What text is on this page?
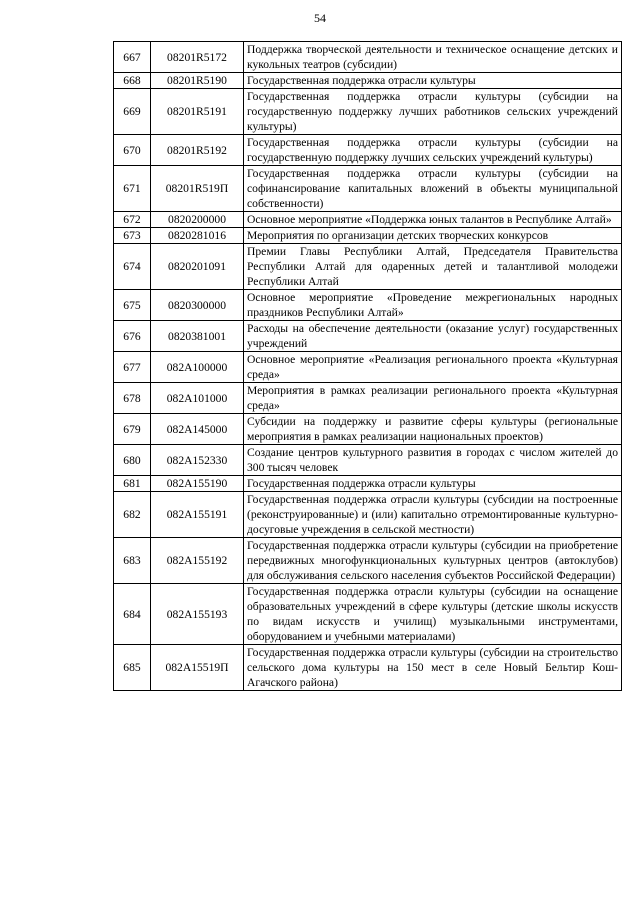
54
667	08201R5172	Поддержка творческой деятельности и техническое оснащение детских и кукольных театров (субсидии)
668	08201R5190	Государственная поддержка отрасли культуры
669	08201R5191	Государственная поддержка отрасли культуры (субсидии на государственную поддержку лучших работников сельских учреждений культуры)
670	08201R5192	Государственная поддержка отрасли культуры (субсидии на государственную поддержку лучших сельских учреждений культуры)
671	08201R519П	Государственная поддержка отрасли культуры (субсидии на софинансирование капитальных вложений в объекты муниципальной собственности)
672	0820200000	Основное мероприятие «Поддержка юных талантов в Республике Алтай»
673	0820281016	Мероприятия по организации детских творческих конкурсов
674	0820201091	Премии Главы Республики Алтай, Председателя Правительства Республики Алтай для одаренных детей и талантливой молодежи Республики Алтай
675	0820300000	Основное мероприятие «Проведение межрегиональных народных праздников Республики Алтай»
676	0820381001	Расходы на обеспечение деятельности (оказание услуг) государственных учреждений
677	082A100000	Основное мероприятие «Реализация регионального проекта «Культурная среда»
678	082A101000	Мероприятия в рамках реализации регионального проекта «Культурная среда»
679	082A145000	Субсидии на поддержку и развитие сферы культуры (региональные мероприятия в рамках реализации национальных проектов)
680	082A152330	Создание центров культурного развития в городах с числом жителей до 300 тысяч человек
681	082A155190	Государственная поддержка отрасли культуры
682	082A155191	Государственная поддержка отрасли культуры (субсидии на построенные (реконструированные) и (или) капитально отремонтированные культурно-досуговые учреждения в сельской местности)
683	082A155192	Государственная поддержка отрасли культуры (субсидии на приобретение передвижных многофункциональных культурных центров (автоклубов) для обслуживания сельского населения субъектов Российской Федерации)
684	082A155193	Государственная поддержка отрасли культуры (субсидии на оснащение образовательных учреждений в сфере культуры (детские школы искусств по видам искусств и училищ) музыкальными инструментами, оборудованием и учебными материалами)
685	082A15519П	Государственная поддержка отрасли культуры (субсидии на строительство сельского дома культуры на 150 мест в селе Новый Бельтир Кош-Агачского района)
